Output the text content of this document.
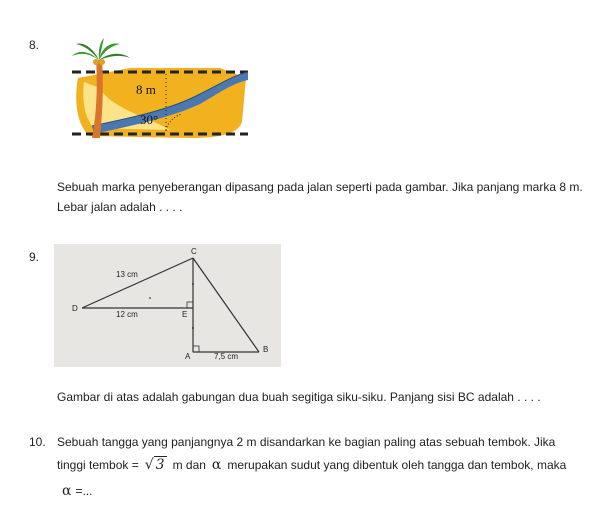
8.
8 m
30°
Sebuah marka penyeberangan dipasang pada jalan seperti pada gambar. Jika panjang marka 8 m.
Lebar jalan adalah . . . .
9.	C
D
E
A
B
13 cm
12 cm
7,5 cm
Gambar di atas adalah gabungan dua buah segitiga siku-siku. Panjang sisi BC adalah . . . .
10. Sebuah tangga yang panjangnya 2 m disandarkan ke bagian paling atas sebuah tembok. Jika
tinggi tembok = √ 3 m dan α merupakan sudut yang dibentuk oleh tangga dan tembok, maka
α =...
